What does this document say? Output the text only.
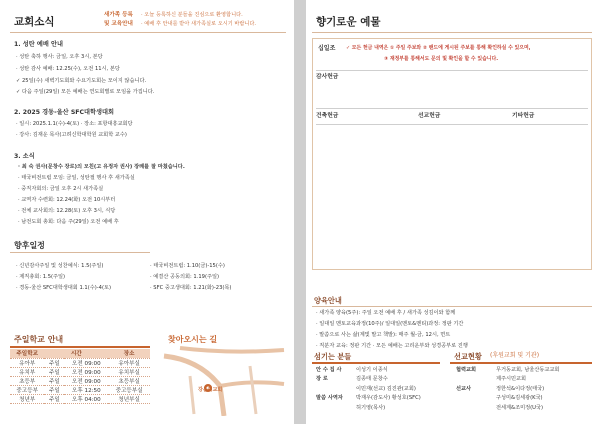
교회소식
새가족 등록
및 교육안내
· 오늘 등록하신 분들을 진심으로 환영합니다.
· 예배 후 안내를 받아 새가족실로 오시기 바랍니다.
1. 성탄 예배 안내
· 성탄 축하 행사: 금일, 오후 3시, 본당
· 성탄 감사 예배: 12.25(수), 오전 11시, 본당
✓ 25일(수) 새벽기도회와 수요기도회는 모이지 않습니다.
✓ 다음 주일(29일) 모든 예배는 연도회별로 모임을 가집니다.
2. 2025 경동-울산 SFC대학생대회
· 일시: 2025.1.1(수)-4(토) · 장소: 포항대흥교회당
· 강사: 김재운 목사(고려신학대학원 교회학 교수)
3. 소식
· 최 숙 권사(문창수 장로)의 모친(고 유정자 권사) 장례를 잘 마쳤습니다.
· 태국비전트립 모임: 금일, 성탄절 행사 후 새가족실
· 중직자회의: 금일 오후 2시 새가족실
· 교역자 수련회: 12.24(화) 오전 10시부터
· 전체 교사회의: 12.28(토) 오후 3시, 식당
· 남전도회 총회: 다음 주(29일) 오전 예배 후
향후일정
· 신년감사주일 및 성찬예식: 1.5(주일)
· 제직총회: 1.5(주일)
· 경동-울산 SFC대학생대회 1.1(수)-4(토)
· 태국비전트립: 1.10(금)-15(수)
· 예결산 공동의회: 1.19(주일)
· SFC 중고생대회: 1.21(화)-23(목)
주일학교 안내
주일학교	시간		장소
유아부	주일	오전 09:00	유아부실
유치부	주일	오전 09:00	유치부실
초등부	주일	오전 09:00	초등부실
중고등부	주일	오후 12:50	중고등부실
청년부	주일	오후 04:00	청년부실
찾아오시는 길
강은애교회
향기로운 예물
십일조 ✓ 모든 헌금 내역은 ① 주일 주보와 ② 밴드에 게시된 주보를 통해 확인하실 수 있으며,
③ 재정부를 통해서도 문의 및 확인을 할 수 있습니다.
감사헌금
건축헌금	선교헌금	기타헌금
양육안내
· 새가족 양육(5주): 주일 오전 예배 후 / 새가족 성김이와 함께
· 일대일 멘토교육과정(10주)/ 일대일(멘토&멘티)과정: 정판 기간
· 말씀으로 사는 삶(계빛 말고 책발): 매주 월-금, 12시, 면트
· 직분자 교육: 정판 기간 · 모든 예배는 고리운부와 성경공부로 진행
섬기는 분들
안 수 집 사	이성기 이종식
장 로	김종태 문창수
이민재(선교) 김진관(교회)
말씀 사역자	박재우(감도사) 황성호(SFC)
허기영(목사)
선교현황 (후원교회 및 기관)
협력교회	무거동교회, 남울산동교교회
제주시민교회
선교사	정한석&이다정(태국)
구성미&김세광(K국)
전세계&조미정(U국)
